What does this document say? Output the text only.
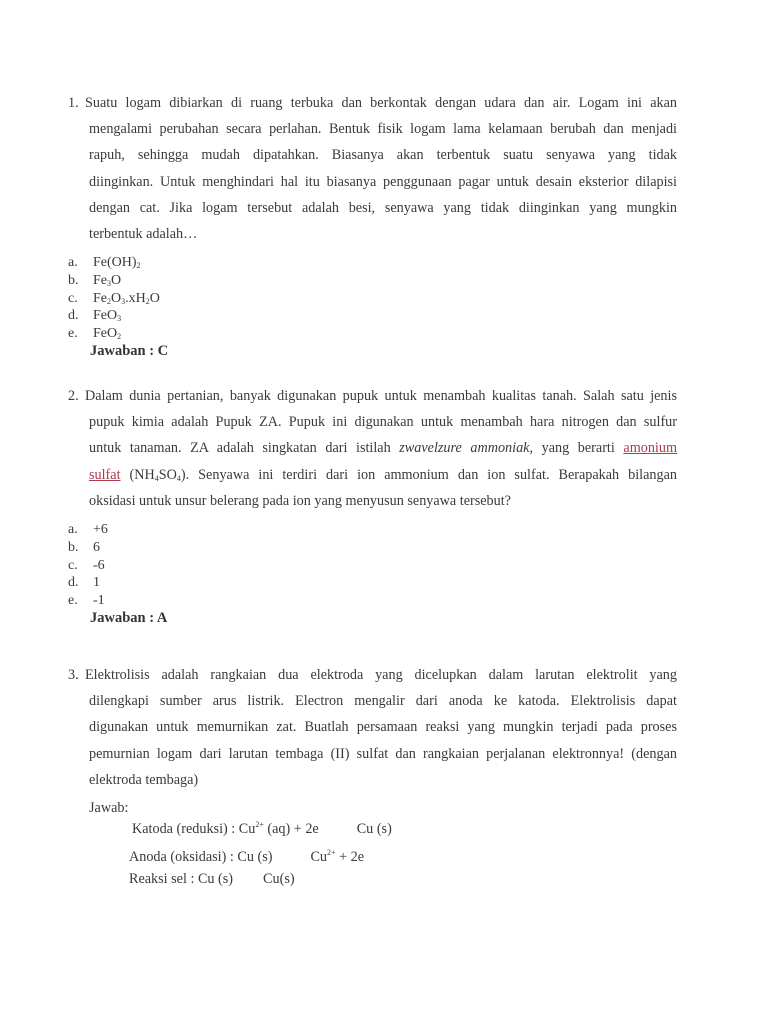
1. Suatu logam dibiarkan di ruang terbuka dan berkontak dengan udara dan air. Logam ini akan
mengalami perubahan secara perlahan. Bentuk fisik logam lama kelamaan berubah dan menjadi
rapuh, sehingga mudah dipatahkan. Biasanya akan terbentuk suatu senyawa yang tidak
diinginkan. Untuk menghindari hal itu biasanya penggunaan pagar untuk desain eksterior dilapisi
dengan cat. Jika logam tersebut adalah besi, senyawa yang tidak diinginkan yang mungkin
terbentuk adalah…
a. $Fe(OH)_2$
b. $Fe_3O$
c. $Fe_2O_3.xH_2O$
d. FeO$_3$
e. FeO$_2$
Jawaban : C
2. Dalam dunia pertanian, banyak digunakan pupuk untuk menambah kualitas tanah. Salah satu jenis
pupuk kimia adalah Pupuk ZA. Pupuk ini digunakan untuk menambah hara nitrogen dan sulfur
untuk tanaman. ZA adalah singkatan dari istilah zwavelzure ammoniak, yang berarti amonium
sulfat $(NH_4SO_4)$. Senyawa ini terdiri dari ion ammonium dan ion sulfat. Berapakah bilangan
oksidasi untuk unsur belerang pada ion yang menyusun senyawa tersebut?
a. +6
b. 6
c. -6
d. 1
e. -1
Jawaban : A
3. Elektrolisis adalah rangkaian dua elektroda yang dicelupkan dalam larutan elektrolit yang
dilengkapi sumber arus listrik. Electron mengalir dari anoda ke katoda. Elektrolisis dapat
digunakan untuk memurnikan zat. Buatlah persamaan reaksi yang mungkin terjadi pada proses
pemurnian logam dari larutan tembaga (II) sulfat dan rangkaian perjalanan elektronnya! (dengan
elektroda tembaga)
Jawab:
Katoda (reduksi) : $Cu^{2+}$ (aq) + 2e	Cu (s)
Anoda (oksidasi) : Cu (s)	$Cu^{2+} + 2e$
Reaksi sel : Cu (s) Cu(s)
